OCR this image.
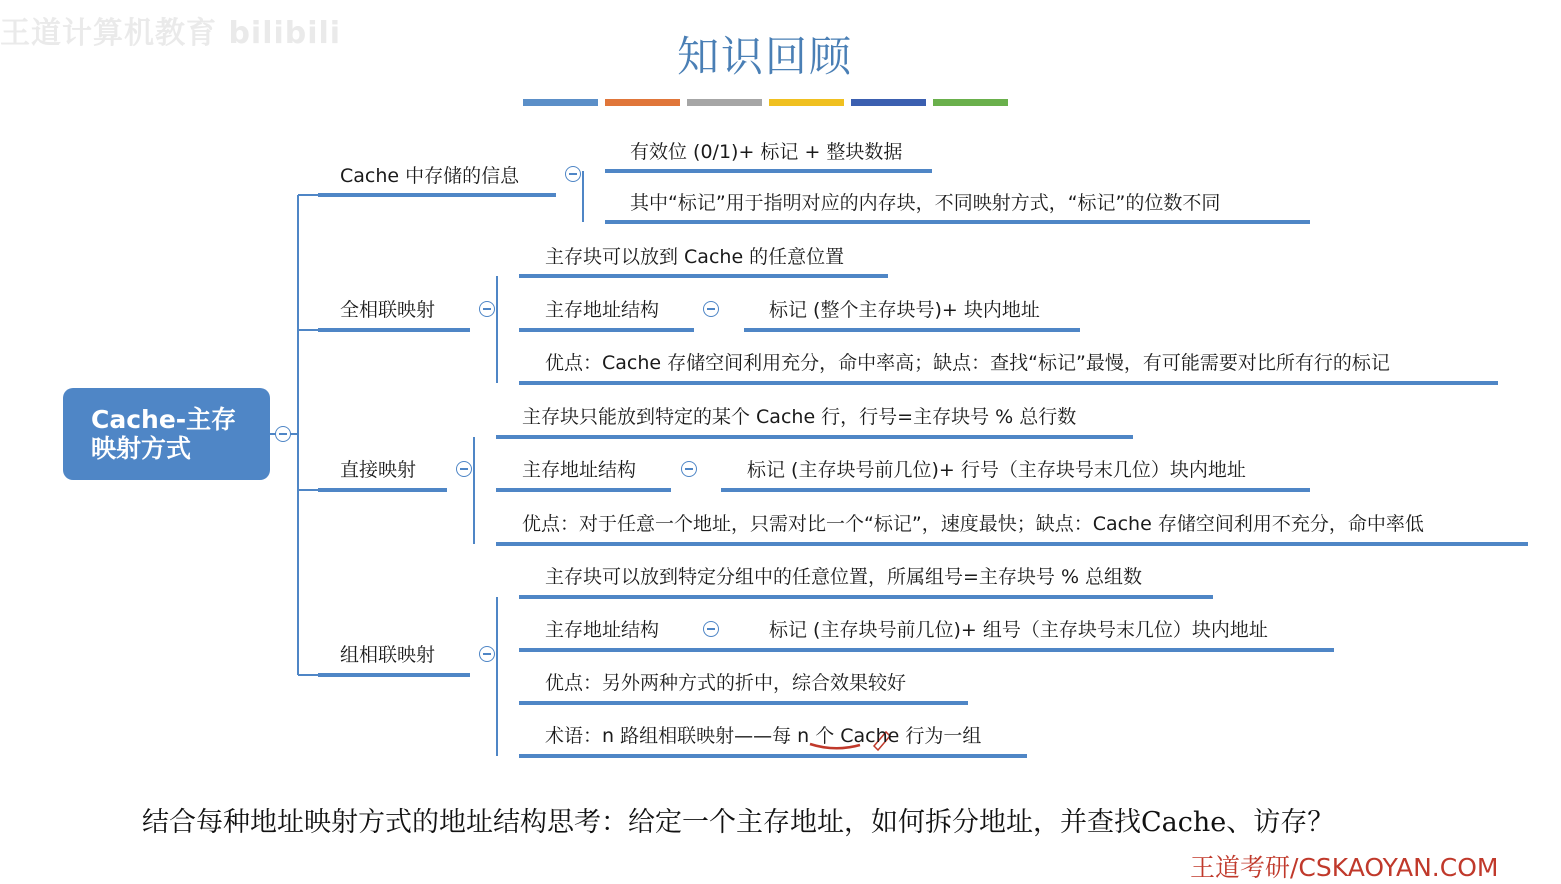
王道计算机教育 bilibili	知识回顾
Cache-主存
映射方式
Cache 中存储的信息
有效位 (0/1)+ 标记 + 整块数据
其中“标记”用于指明对应的内存块，不同映射方式，“标记”的位数不同
全相联映射
主存块可以放到 Cache 的任意位置
主存地址结构	标记 (整个主存块号)+ 块内地址
优点：Cache 存储空间利用充分，命中率高；缺点：查找“标记”最慢，有可能需要对比所有行的标记
直接映射
主存块只能放到特定的某个 Cache 行，行号=主存块号 % 总行数
主存地址结构	标记 (主存块号前几位)+ 行号（主存块号末几位）块内地址
优点：对于任意一个地址，只需对比一个“标记”，速度最快；缺点：Cache 存储空间利用不充分，命中率低
组相联映射
主存块可以放到特定分组中的任意位置，所属组号=主存块号 % 总组数
主存地址结构	标记 (主存块号前几位)+ 组号（主存块号末几位）块内地址
优点：另外两种方式的折中，综合效果较好
术语：n 路组相联映射——每 n 个 Cache 行为一组
结合每种地址映射方式的地址结构思考：给定一个主存地址，如何拆分地址，并查找Cache、访存？
王道考研/CSKAOYAN.COM
